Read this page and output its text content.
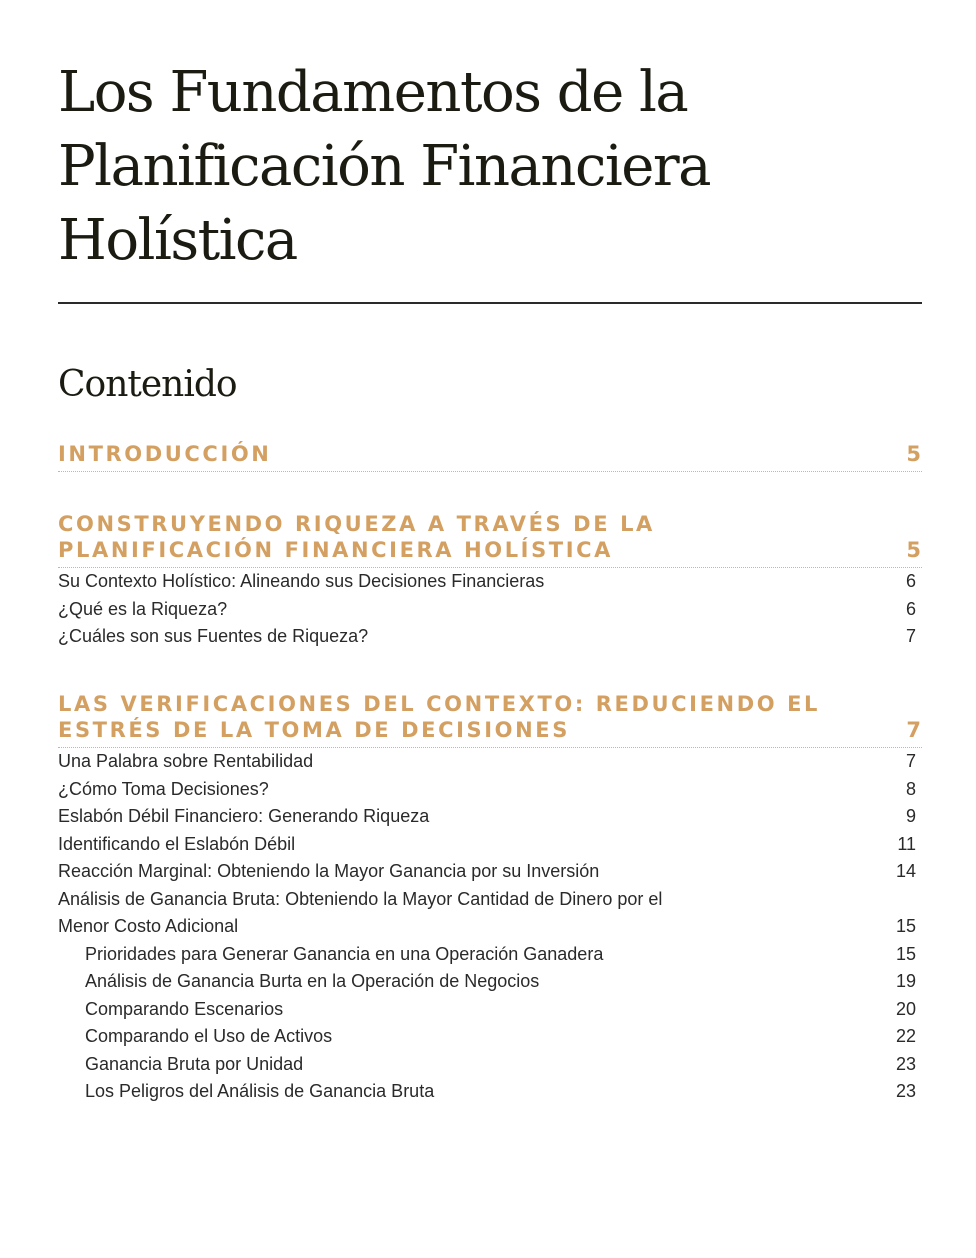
Los Fundamentos de la Planificación Financiera Holística
Contenido
INTRODUCCIÓN	5
CONSTRUYENDO RIQUEZA A TRAVÉS DE LA PLANIFICACIÓN FINANCIERA HOLÍSTICA	5
Su Contexto Holístico: Alineando sus Decisiones Financieras	6
¿Qué es la Riqueza?	6
¿Cuáles son sus Fuentes de Riqueza?	7
LAS VERIFICACIONES DEL CONTEXTO: REDUCIENDO EL ESTRÉS DE LA TOMA DE DECISIONES	7
Una Palabra sobre Rentabilidad	7
¿Cómo Toma Decisiones?	8
Eslabón Débil Financiero: Generando Riqueza	9
Identificando el Eslabón Débil	11
Reacción Marginal: Obteniendo la Mayor Ganancia por su Inversión	14
Análisis de Ganancia Bruta: Obteniendo la Mayor Cantidad de Dinero por el Menor Costo Adicional	15
Prioridades para Generar Ganancia en una Operación Ganadera	15
Análisis de Ganancia Burta en la Operación de Negocios	19
Comparando Escenarios	20
Comparando el Uso de Activos	22
Ganancia Bruta por Unidad	23
Los Peligros del Análisis de Ganancia Bruta	23
